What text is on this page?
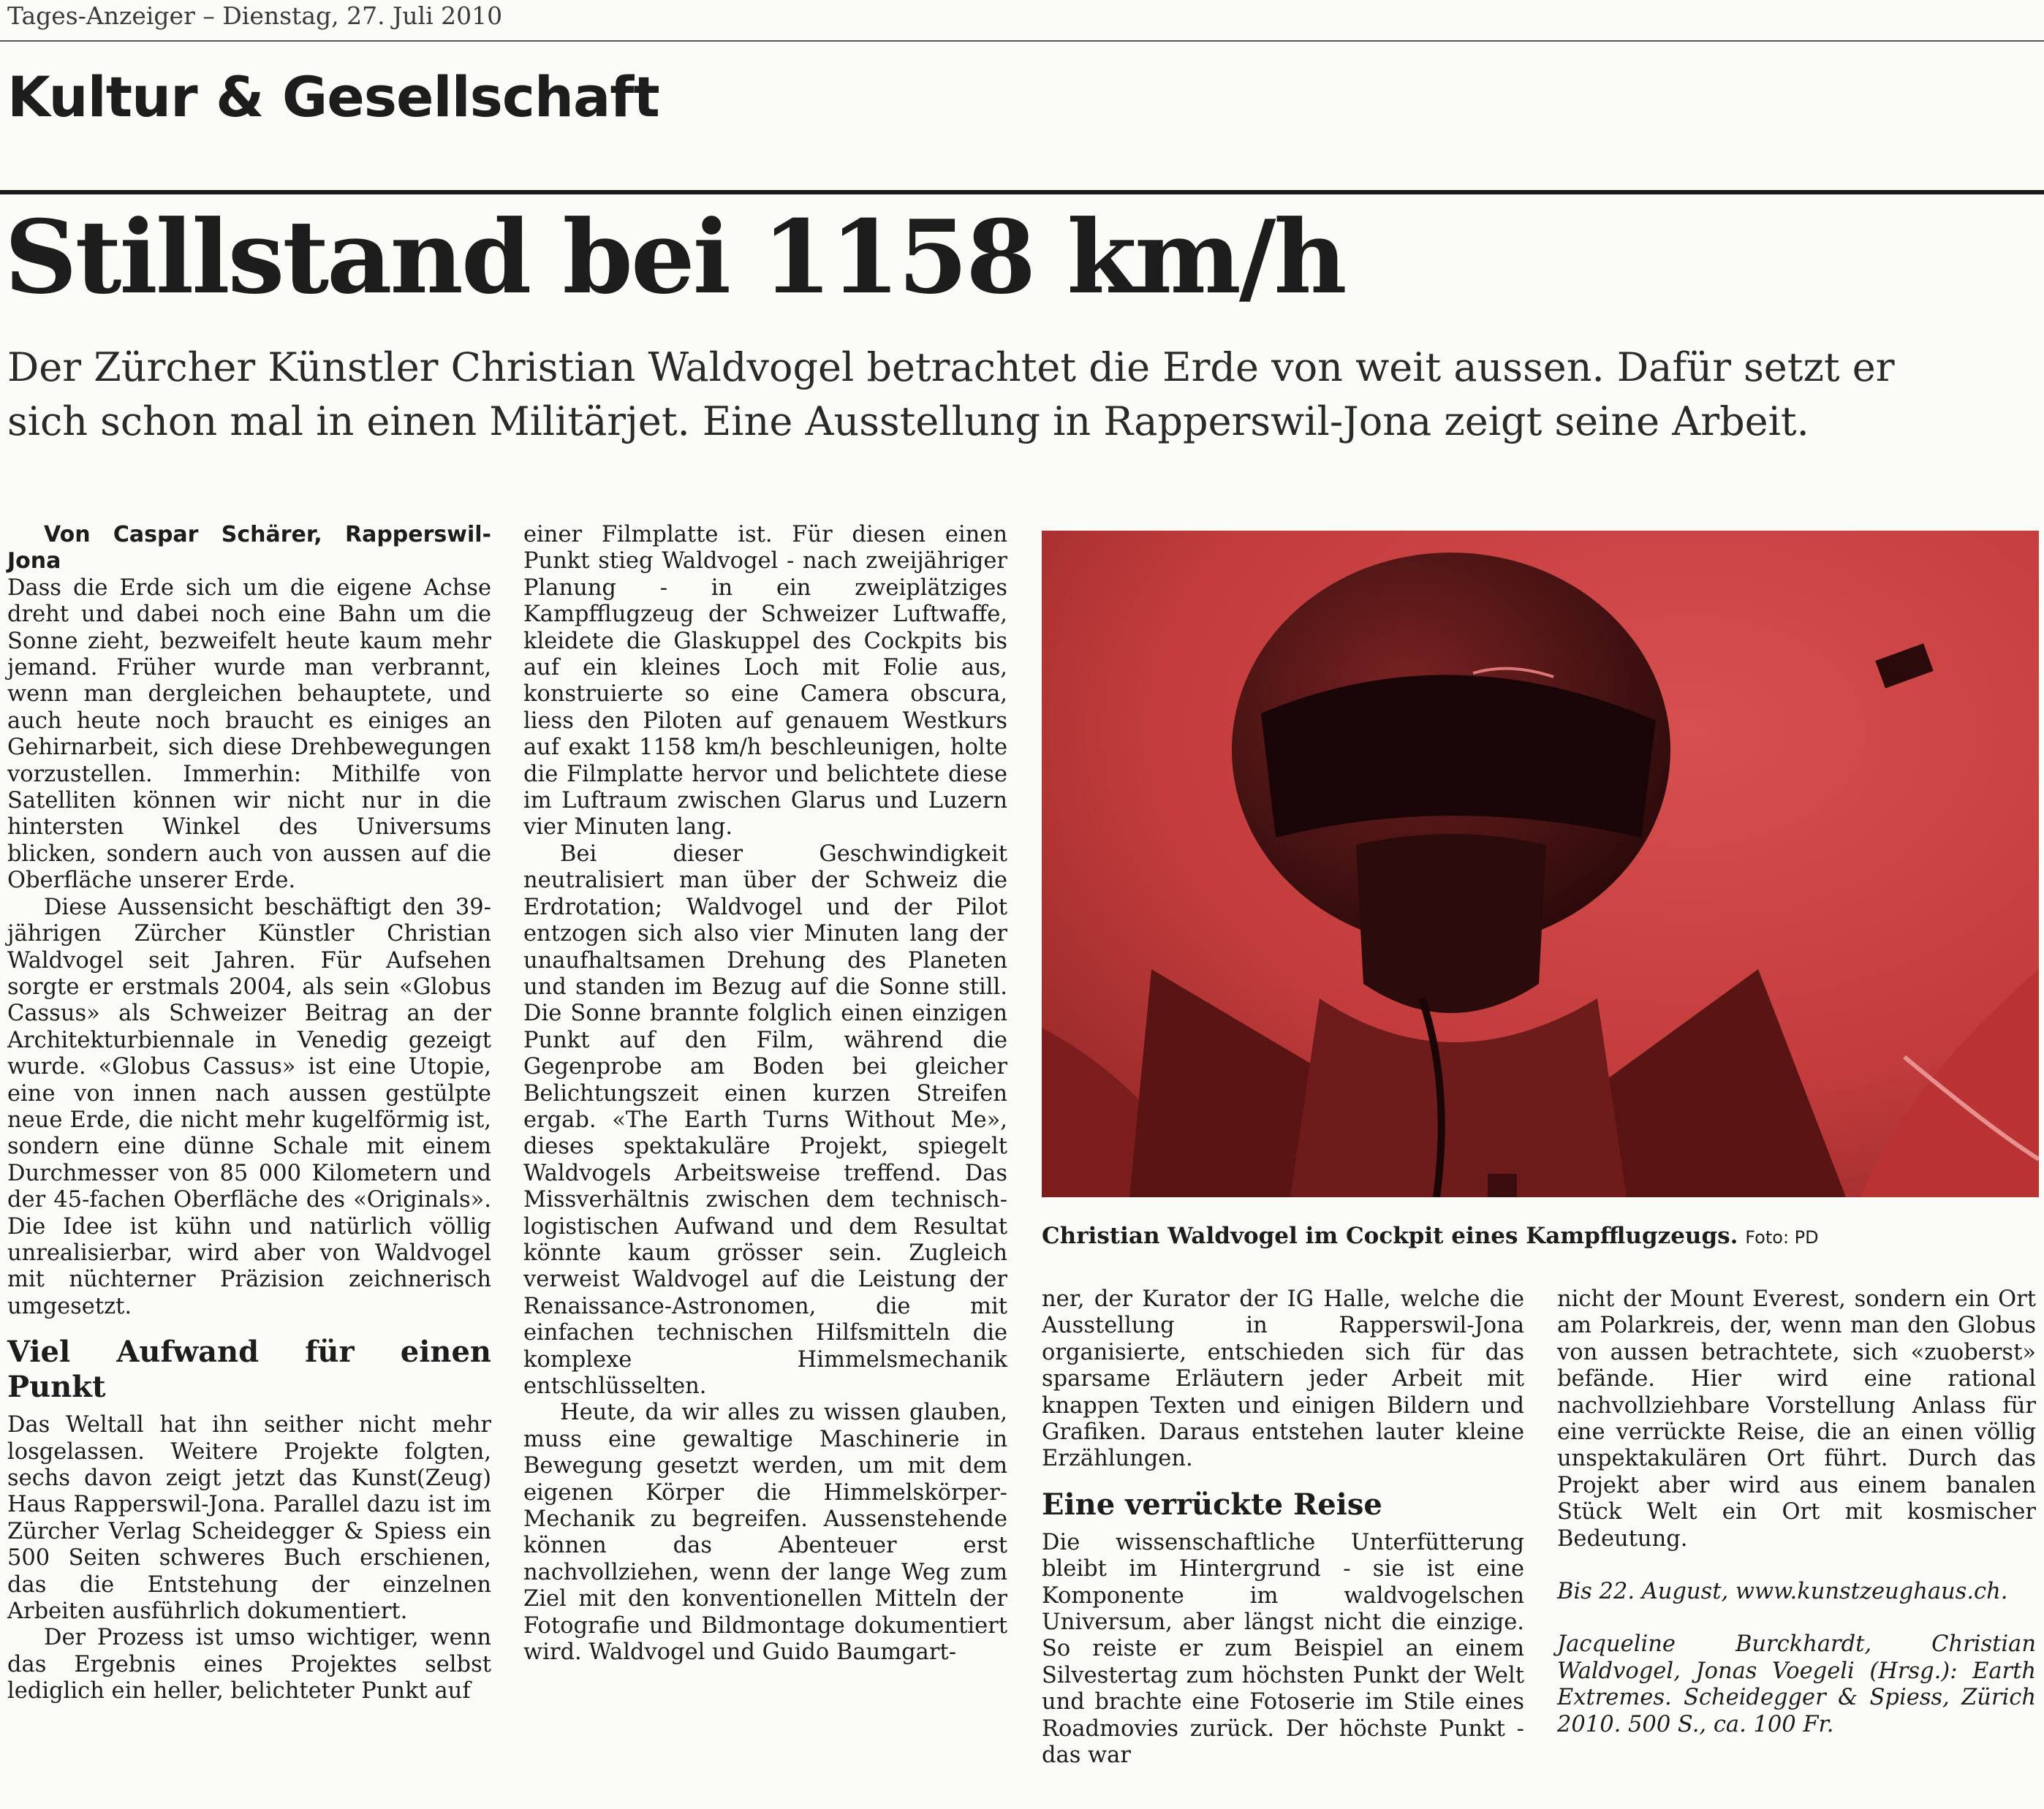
Tages-Anzeiger – Dienstag, 27. Juli 2010
Kultur & Gesellschaft
Stillstand bei 1158 km/h
Der Zürcher Künstler Christian Waldvogel betrachtet die Erde von weit aussen. Dafür setzt er sich schon mal in einen Militärjet. Eine Ausstellung in Rapperswil-Jona zeigt seine Arbeit.

Von Caspar Schärer, Rapperswil-Jona

Dass die Erde sich um die eigene Achse dreht und dabei noch eine Bahn um die Sonne zieht, bezweifelt heute kaum mehr jemand. Früher wurde man verbrannt, wenn man dergleichen behauptete, und auch heute noch braucht es einiges an Gehirnarbeit, sich diese Drehbewegungen vorzustellen. Immerhin: Mithilfe von Satelliten können wir nicht nur in die hintersten Winkel des Universums blicken, sondern auch von aussen auf die Oberfläche unserer Erde.

Diese Aussensicht beschäftigt den 39-jährigen Zürcher Künstler Christian Waldvogel seit Jahren. Für Aufsehen sorgte er erstmals 2004, als sein «Globus Cassus» als Schweizer Beitrag an der Architekturbiennale in Venedig gezeigt wurde. «Globus Cassus» ist eine Utopie, eine von innen nach aussen gestülpte neue Erde, die nicht mehr kugelförmig ist, sondern eine dünne Schale mit einem Durchmesser von 85 000 Kilometern und der 45-fachen Oberfläche des «Originals». Die Idee ist kühn und natürlich völlig unrealisierbar, wird aber von Waldvogel mit nüchterner Präzision zeichnerisch umgesetzt.

Viel Aufwand für einen Punkt

Das Weltall hat ihn seither nicht mehr losgelassen. Weitere Projekte folgten, sechs davon zeigt jetzt das Kunst(Zeug) Haus Rapperswil-Jona. Parallel dazu ist im Zürcher Verlag Scheidegger & Spiess ein 500 Seiten schweres Buch erschienen, das die Entstehung der einzelnen Arbeiten ausführlich dokumentiert.

Der Prozess ist umso wichtiger, wenn das Ergebnis eines Projektes selbst lediglich ein heller, belichteter Punkt auf

einer Filmplatte ist. Für diesen einen Punkt stieg Waldvogel - nach zweijähriger Planung - in ein zweiplätziges Kampfflugzeug der Schweizer Luftwaffe, kleidete die Glaskuppel des Cockpits bis auf ein kleines Loch mit Folie aus, konstruierte so eine Camera obscura, liess den Piloten auf genauem Westkurs auf exakt 1158 km/h beschleunigen, holte die Filmplatte hervor und belichtete diese im Luftraum zwischen Glarus und Luzern vier Minuten lang.

Bei dieser Geschwindigkeit neutralisiert man über der Schweiz die Erdrotation; Waldvogel und der Pilot entzogen sich also vier Minuten lang der unaufhaltsamen Drehung des Planeten und standen im Bezug auf die Sonne still. Die Sonne brannte folglich einen einzigen Punkt auf den Film, während die Gegenprobe am Boden bei gleicher Belichtungszeit einen kurzen Streifen ergab. «The Earth Turns Without Me», dieses spektakuläre Projekt, spiegelt Waldvogels Arbeitsweise treffend. Das Missverhältnis zwischen dem technisch-logistischen Aufwand und dem Resultat könnte kaum grösser sein. Zugleich verweist Waldvogel auf die Leistung der Renaissance-Astronomen, die mit einfachen technischen Hilfsmitteln die komplexe Himmelsmechanik entschlüsselten.

Heute, da wir alles zu wissen glauben, muss eine gewaltige Maschinerie in Bewegung gesetzt werden, um mit dem eigenen Körper die Himmelskörper-Mechanik zu begreifen. Aussenstehende können das Abenteuer erst nachvollziehen, wenn der lange Weg zum Ziel mit den konventionellen Mitteln der Fotografie und Bildmontage dokumentiert wird. Waldvogel und Guido Baumgart-

Christian Waldvogel im Cockpit eines Kampfflugzeugs. Foto: PD

ner, der Kurator der IG Halle, welche die Ausstellung in Rapperswil-Jona organisierte, entschieden sich für das sparsame Erläutern jeder Arbeit mit knappen Texten und einigen Bildern und Grafiken. Daraus entstehen lauter kleine Erzählungen.

Eine verrückte Reise

Die wissenschaftliche Unterfütterung bleibt im Hintergrund - sie ist eine Komponente im waldvogelschen Universum, aber längst nicht die einzige. So reiste er zum Beispiel an einem Silvestertag zum höchsten Punkt der Welt und brachte eine Fotoserie im Stile eines Roadmovies zurück. Der höchste Punkt - das war

nicht der Mount Everest, sondern ein Ort am Polarkreis, der, wenn man den Globus von aussen betrachtete, sich «zuoberst» befände. Hier wird eine rational nachvollziehbare Vorstellung Anlass für eine verrückte Reise, die an einen völlig unspektakulären Ort führt. Durch das Projekt aber wird aus einem banalen Stück Welt ein Ort mit kosmischer Bedeutung.

Bis 22. August, www.kunstzeughaus.ch.

Jacqueline Burckhardt, Christian Waldvogel, Jonas Voegeli (Hrsg.): Earth Extremes. Scheidegger & Spiess, Zürich 2010. 500 S., ca. 100 Fr.
